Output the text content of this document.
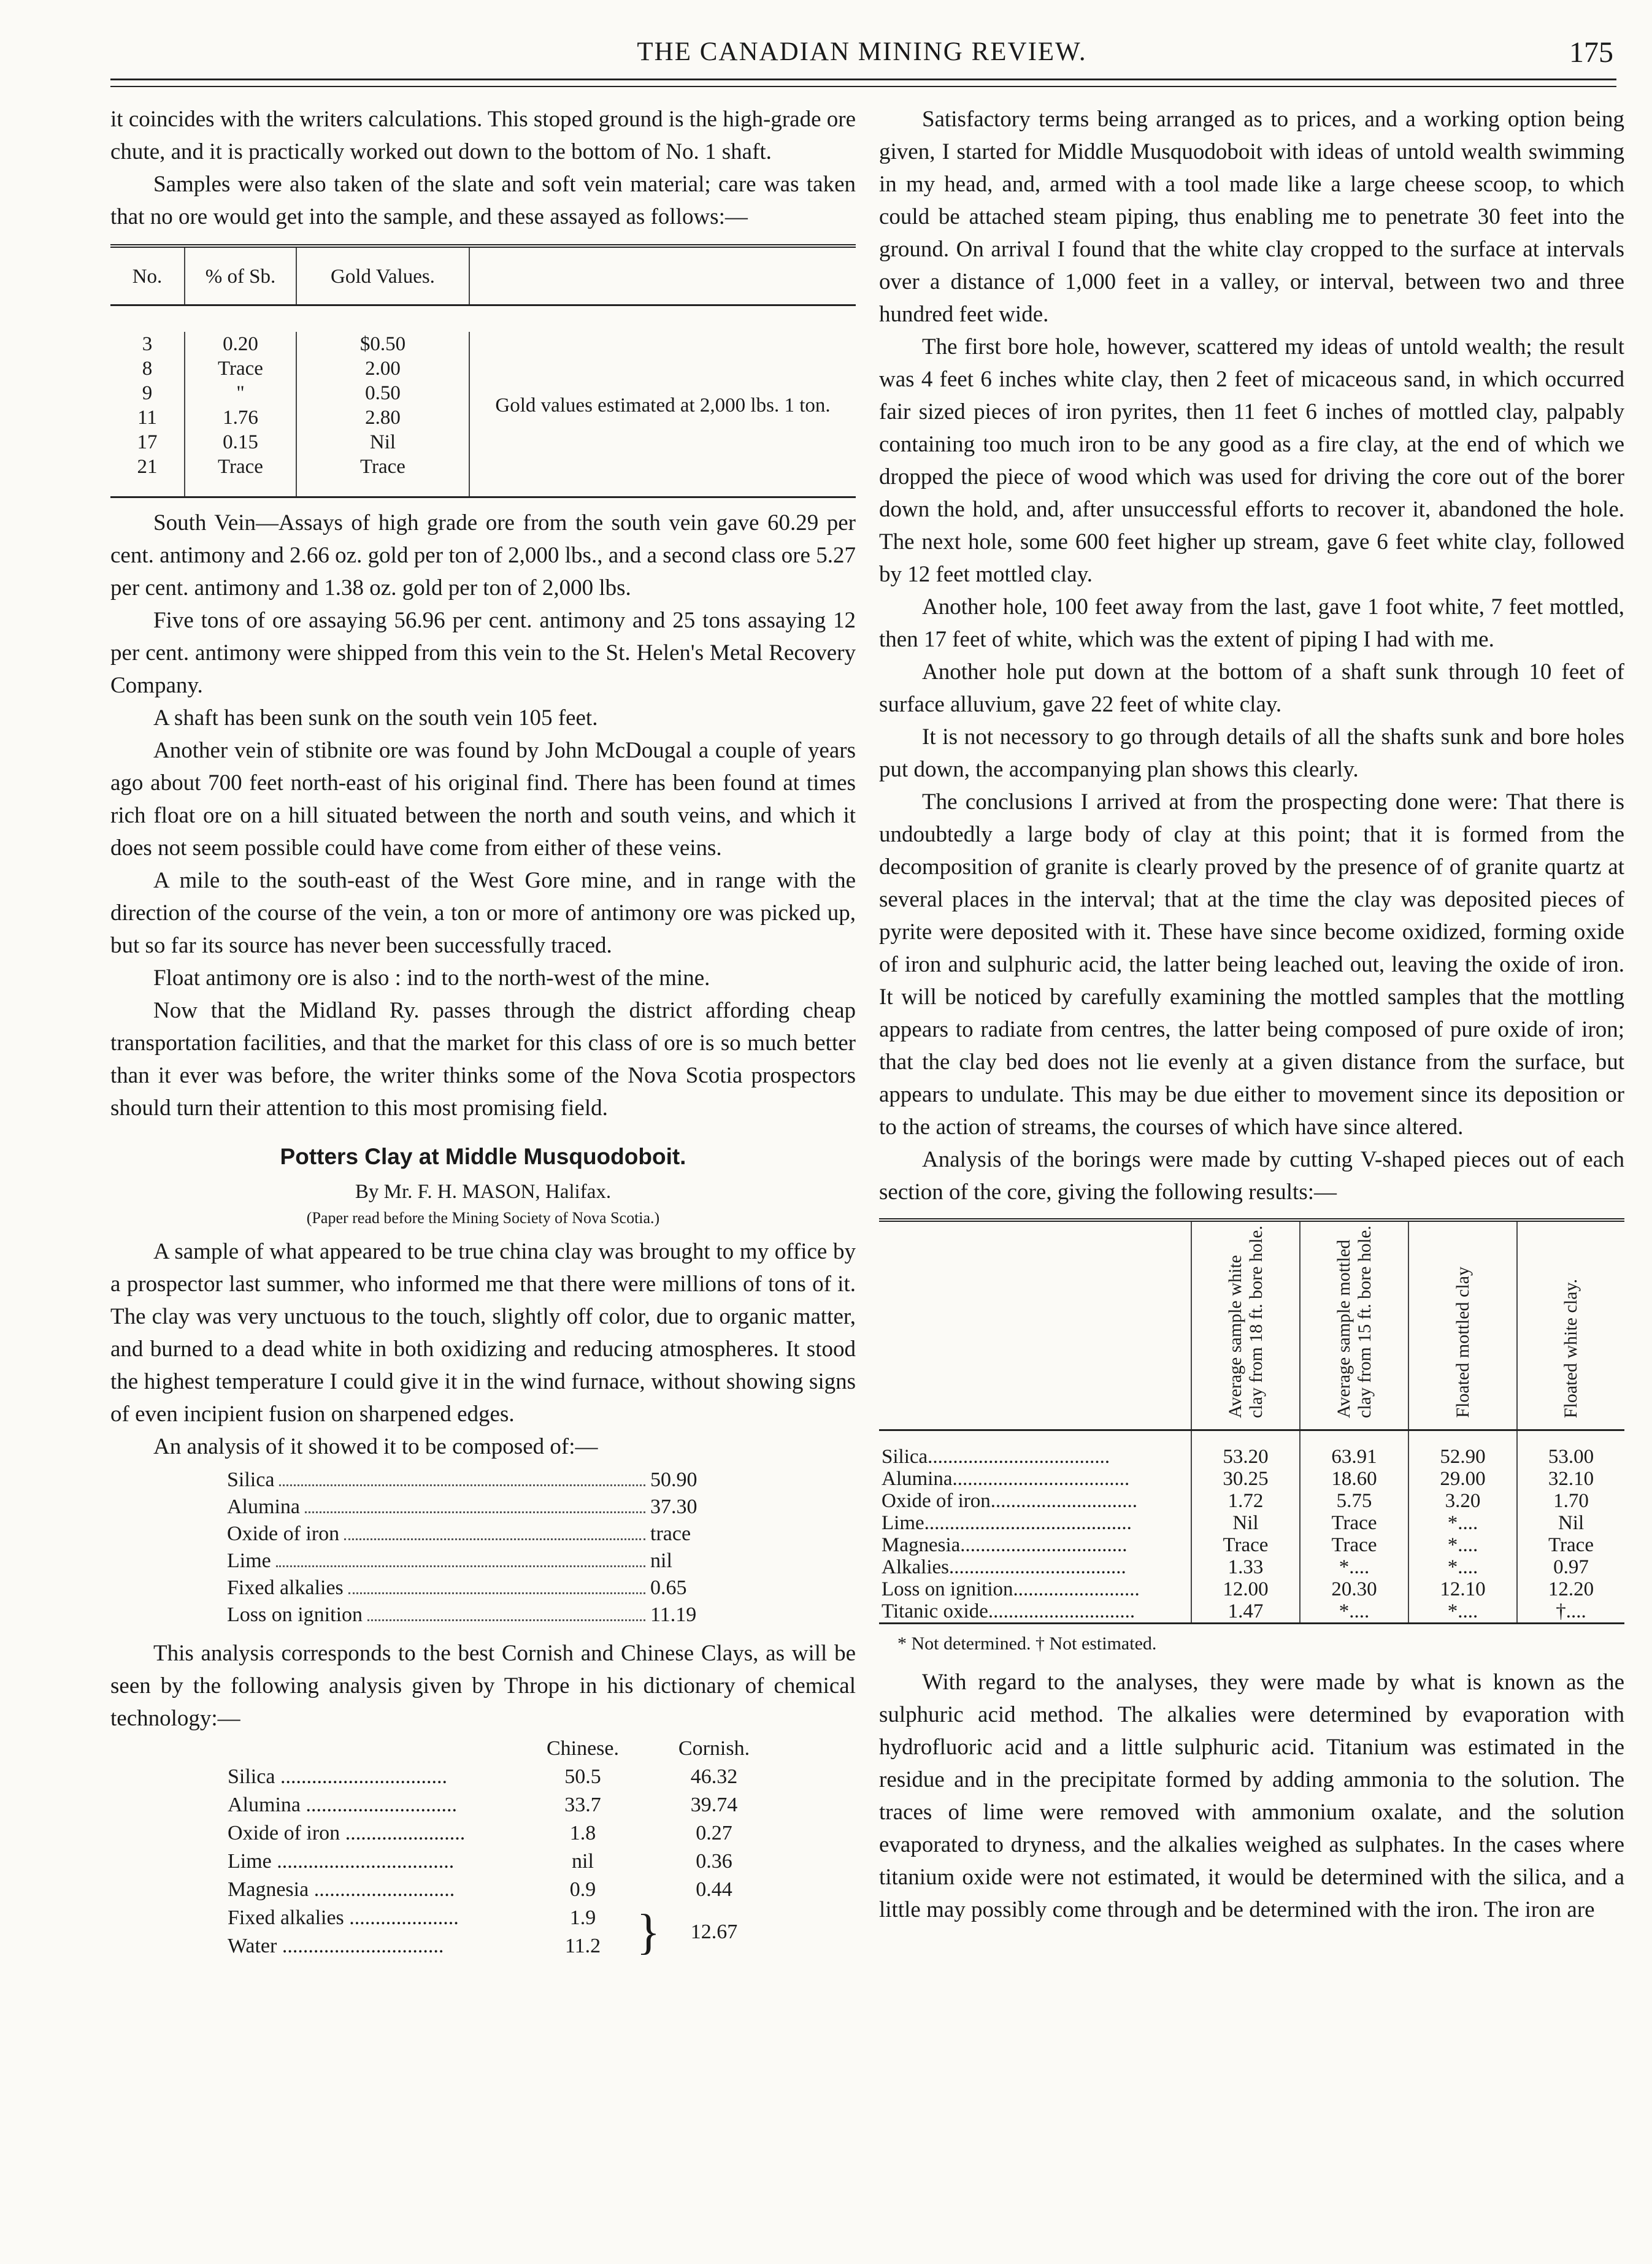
THE CANADIAN MINING REVIEW.	175

it coincides with the writers calculations. This stoped ground is the high-grade ore chute, and it is practically worked out down to the bottom of No. 1 shaft.

Samples were also taken of the slate and soft vein material; care was taken that no ore would get into the sample, and these assayed as follows:—

No.	% of Sb.	Gold Values.	

3	0.20	$0.50	Gold values estimated at 2,000 lbs. 1 ton.
8	Trace	2.00	
9	"	0.50	
11	1.76	2.80	
17	0.15	Nil	
21	Trace	Trace	

South Vein—Assays of high grade ore from the south vein gave 60.29 per cent. antimony and 2.66 oz. gold per ton of 2,000 lbs., and a second class ore 5.27 per cent. antimony and 1.38 oz. gold per ton of 2,000 lbs.

Five tons of ore assaying 56.96 per cent. antimony and 25 tons assaying 12 per cent. antimony were shipped from this vein to the St. Helen's Metal Recovery Company.

A shaft has been sunk on the south vein 105 feet.

Another vein of stibnite ore was found by John McDougal a couple of years ago about 700 feet north-east of his original find. There has been found at times rich float ore on a hill situated between the north and south veins, and which it does not seem possible could have come from either of these veins.

A mile to the south-east of the West Gore mine, and in range with the direction of the course of the vein, a ton or more of antimony ore was picked up, but so far its source has never been successfully traced.

Float antimony ore is also : ind to the north-west of the mine.

Now that the Midland Ry. passes through the district affording cheap transportation facilities, and that the market for this class of ore is so much better than it ever was before, the writer thinks some of the Nova Scotia prospectors should turn their attention to this most promising field.

Potters Clay at Middle Musquodoboit.
By Mr. F. H. MASON, Halifax.
(Paper read before the Mining Society of Nova Scotia.)

A sample of what appeared to be true china clay was brought to my office by a prospector last summer, who informed me that there were millions of tons of it. The clay was very unctuous to the touch, slightly off color, due to organic matter, and burned to a dead white in both oxidizing and reducing atmospheres. It stood the highest temperature I could give it in the wind furnace, without showing signs of even incipient fusion on sharpened edges.

An analysis of it showed it to be composed of:—

Silica	50.90
Alumina	37.30
Oxide of iron	trace
Lime	nil
Fixed alkalies	0.65
Loss on ignition	11.19

This analysis corresponds to the best Cornish and Chinese Clays, as will be seen by the following analysis given by Thrope in his dictionary of chemical technology:—

	Chinese.		Cornish.
Silica ................................	50.5		46.32
Alumina .............................	33.7		39.74
Oxide of iron .......................	1.8		0.27
Lime ..................................	nil		0.36
Magnesia ...........................	0.9		0.44
Fixed alkalies .....................	1.9	}	12.67
Water ...............................	11.2		

Satisfactory terms being arranged as to prices, and a working option being given, I started for Middle Musquodoboit with ideas of untold wealth swimming in my head, and, armed with a tool made like a large cheese scoop, to which could be attached steam piping, thus enabling me to penetrate 30 feet into the ground. On arrival I found that the white clay cropped to the surface at intervals over a distance of 1,000 feet in a valley, or interval, between two and three hundred feet wide.

The first bore hole, however, scattered my ideas of untold wealth; the result was 4 feet 6 inches white clay, then 2 feet of micaceous sand, in which occurred fair sized pieces of iron pyrites, then 11 feet 6 inches of mottled clay, palpably containing too much iron to be any good as a fire clay, at the end of which we dropped the piece of wood which was used for driving the core out of the borer down the hold, and, after unsuccessful efforts to recover it, abandoned the hole. The next hole, some 600 feet higher up stream, gave 6 feet white clay, followed by 12 feet mottled clay.

Another hole, 100 feet away from the last, gave 1 foot white, 7 feet mottled, then 17 feet of white, which was the extent of piping I had with me.

Another hole put down at the bottom of a shaft sunk through 10 feet of surface alluvium, gave 22 feet of white clay.

It is not necessory to go through details of all the shafts sunk and bore holes put down, the accompanying plan shows this clearly.

The conclusions I arrived at from the prospecting done were: That there is undoubtedly a large body of clay at this point; that it is formed from the decomposition of granite is clearly proved by the presence of of granite quartz at several places in the interval; that at the time the clay was deposited pieces of pyrite were deposited with it. These have since become oxidized, forming oxide of iron and sulphuric acid, the latter being leached out, leaving the oxide of iron. It will be noticed by carefully examining the mottled samples that the mottling appears to radiate from centres, the latter being composed of pure oxide of iron; that the clay bed does not lie evenly at a given distance from the surface, but appears to undulate. This may be due either to movement since its deposition or to the action of streams, the courses of which have since altered.

Analysis of the borings were made by cutting V-shaped pieces out of each section of the core, giving the following results:—

	Average sample white clay from 18 ft. bore hole.	Average sample mottled clay from 15 ft. bore hole.	Floated mottled clay	Floated white clay.

Silica....................................	53.20	63.91	52.90	53.00
Alumina...................................	30.25	18.60	29.00	32.10
Oxide of iron.............................	1.72	5.75	3.20	1.70
Lime.........................................	Nil	Trace	*....	Nil
Magnesia.................................	Trace	Trace	*....	Trace
Alkalies...................................	1.33	*....	*....	0.97
Loss on ignition.........................	12.00	20.30	12.10	12.20
Titanic oxide.............................	1.47	*....	*....	†....
* Not determined. † Not estimated.

With regard to the analyses, they were made by what is known as the sulphuric acid method. The alkalies were determined by evaporation with hydrofluoric acid and a little sulphuric acid. Titanium was estimated in the residue and in the precipitate formed by adding ammonia to the solution. The traces of lime were removed with ammonium oxalate, and the solution evaporated to dryness, and the alkalies weighed as sulphates. In the cases where titanium oxide were not estimated, it would be determined with the silica, and a little may possibly come through and be determined with the iron. The iron are
